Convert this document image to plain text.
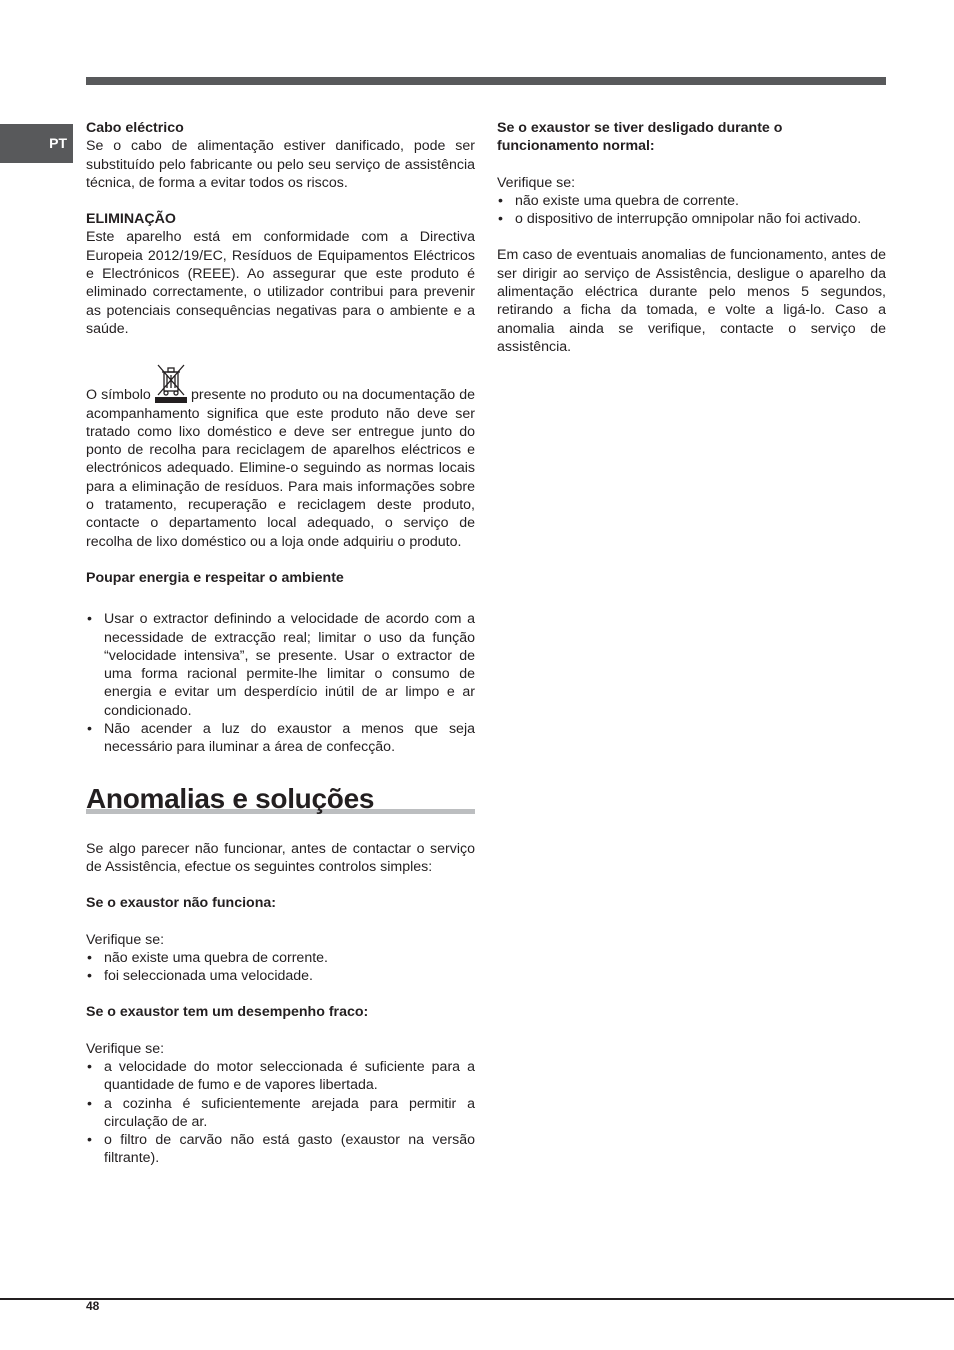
PT

Cabo eléctrico

Se o cabo de alimentação estiver danificado, pode ser substituído pelo fabricante ou pelo seu serviço de assistência técnica, de forma a evitar todos os riscos.

ELIMINAÇÃO

Este aparelho está em conformidade com a Directiva Europeia 2012/19/EC, Resíduos de Equipamentos Eléctricos e Electrónicos (REEE). Ao assegurar que este produto é eliminado correctamente, o utilizador contribui para prevenir as potenciais consequências negativas para o ambiente e a saúde.

O símbolo	presente no produto ou na documentação de acompanhamento significa que este produto não deve ser tratado como lixo doméstico e deve ser entregue junto do ponto de recolha para reciclagem de aparelhos eléctricos e electrónicos adequado. Elimine-o seguindo as normas locais para a eliminação de resíduos. Para mais informações sobre o tratamento, recuperação e reciclagem deste produto, contacte o departamento local adequado, o serviço de recolha de lixo doméstico ou a loja onde adquiriu o produto.

Poupar energia e respeitar o ambiente

• Usar o extractor definindo a velocidade de acordo com a necessidade de extracção real; limitar o uso da função “velocidade intensiva”, se presente. Usar o extractor de uma forma racional permite-lhe limitar o consumo de energia e evitar um desperdício inútil de ar limpo e ar condicionado.
• Não acender a luz do exaustor a menos que seja necessário para iluminar a área de confecção.
Anomalias e soluções

Se algo parecer não funcionar, antes de contactar o serviço de Assistência, efectue os seguintes controlos simples:

Se o exaustor não funciona:

Verifique se:

• não existe uma quebra de corrente.
• foi seleccionada uma velocidade.

Se o exaustor tem um desempenho fraco:

Verifique se:

• a velocidade do motor seleccionada é suficiente para a quantidade de fumo e de vapores libertada.
• a cozinha é suficientemente arejada para permitir a circulação de ar.
• o filtro de carvão não está gasto (exaustor na versão filtrante).

Se o exaustor se tiver desligado durante o funcionamento normal:

Verifique se:

• não existe uma quebra de corrente.
• o dispositivo de interrupção omnipolar não foi activado.

Em caso de eventuais anomalias de funcionamento, antes de ser dirigir ao serviço de Assistência, desligue o aparelho da alimentação eléctrica durante pelo menos 5 segundos, retirando a ficha da tomada, e volte a ligá-lo. Caso a anomalia ainda se verifique, contacte o serviço de assistência.

48
